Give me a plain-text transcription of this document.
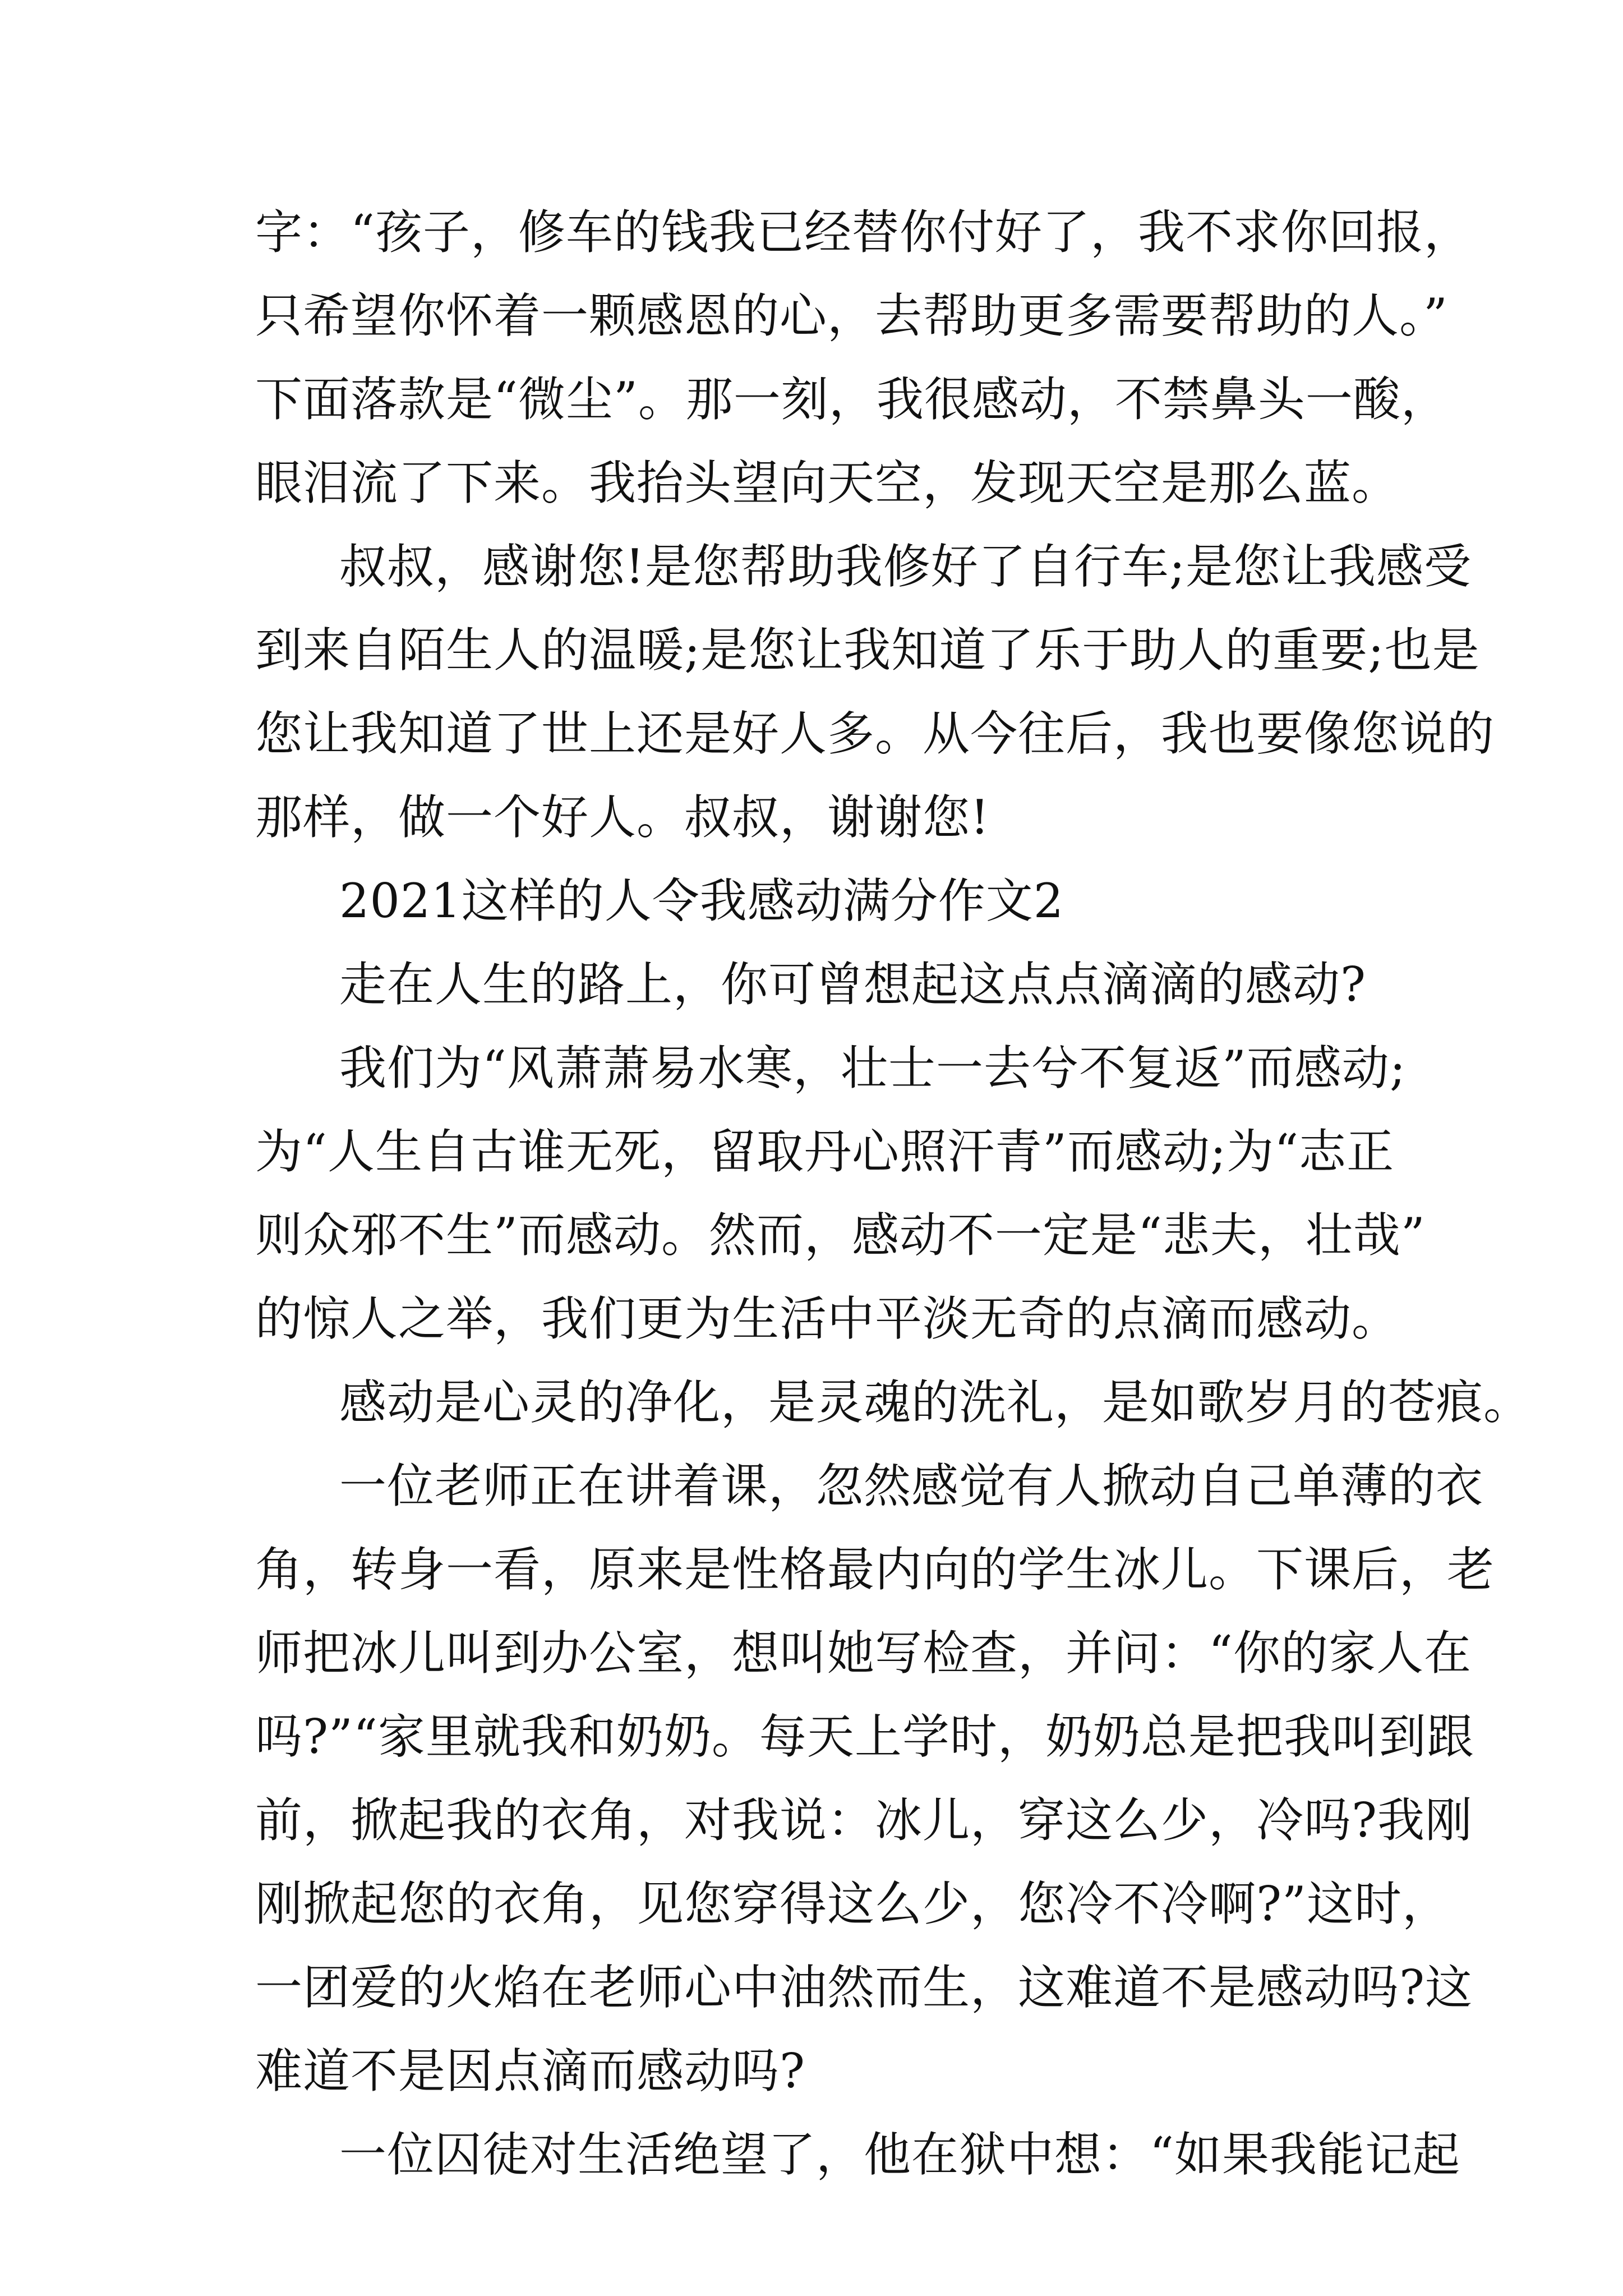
字：“孩子，修车的钱我已经替你付好了，我不求你回报，
只希望你怀着一颗感恩的心，去帮助更多需要帮助的人。”
下面落款是“微尘”。那一刻，我很感动，不禁鼻头一酸，
眼泪流了下来。我抬头望向天空，发现天空是那么蓝。
叔叔，感谢您!是您帮助我修好了自行车;是您让我感受
到来自陌生人的温暖;是您让我知道了乐于助人的重要;也是
您让我知道了世上还是好人多。从今往后，我也要像您说的
那样，做一个好人。叔叔，谢谢您!
2021这样的人令我感动满分作文2
走在人生的路上，你可曾想起这点点滴滴的感动?
我们为“风萧萧易水寒，壮士一去兮不复返”而感动;
为“人生自古谁无死，留取丹心照汗青”而感动;为“志正
则众邪不生”而感动。然而，感动不一定是“悲夫，壮哉”
的惊人之举，我们更为生活中平淡无奇的点滴而感动。
感动是心灵的净化，是灵魂的洗礼，是如歌岁月的苍痕。
一位老师正在讲着课，忽然感觉有人掀动自己单薄的衣
角，转身一看，原来是性格最内向的学生冰儿。下课后，老
师把冰儿叫到办公室，想叫她写检查，并问：“你的家人在
吗?”“家里就我和奶奶。每天上学时，奶奶总是把我叫到跟
前，掀起我的衣角，对我说：冰儿，穿这么少，冷吗?我刚
刚掀起您的衣角，见您穿得这么少，您冷不冷啊?”这时，
一团爱的火焰在老师心中油然而生，这难道不是感动吗?这
难道不是因点滴而感动吗?
一位囚徒对生活绝望了，他在狱中想：“如果我能记起
